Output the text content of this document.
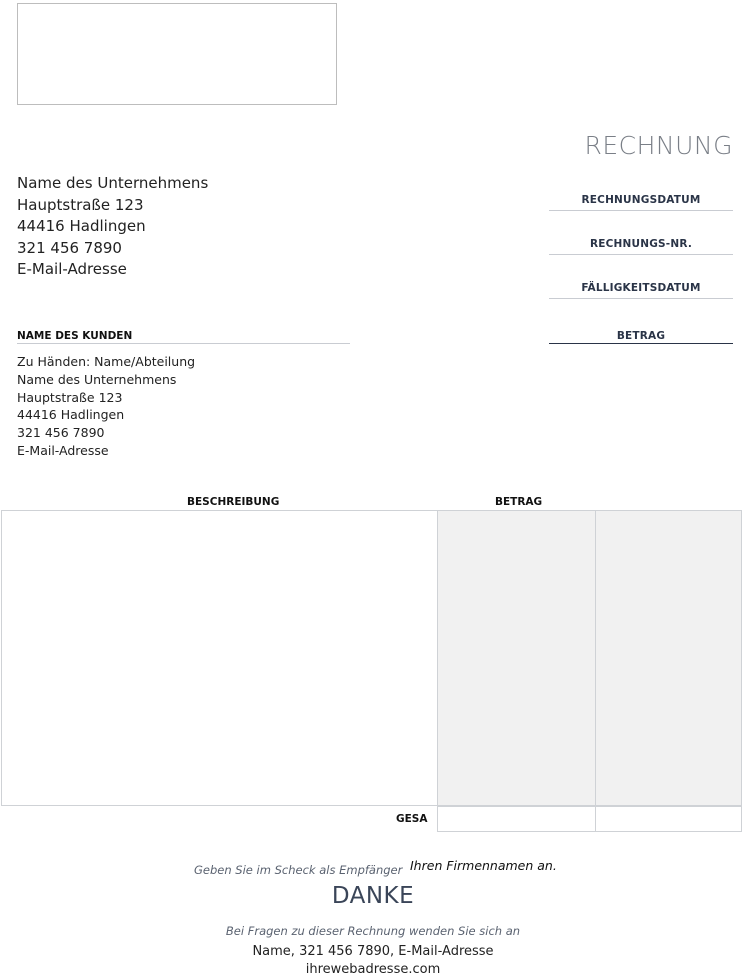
RECHNUNG
Name des Unternehmens
Hauptstraße 123
44416 Hadlingen
321 456 7890
E-Mail-Adresse
RECHNUNGSDATUM
RECHNUNGS-NR.
FÄLLIGKEITSDATUM
BETRAG
NAME DES KUNDEN
Zu Händen: Name/Abteilung
Name des Unternehmens
Hauptstraße 123
44416 Hadlingen
321 456 7890
E-Mail-Adresse
BESCHREIBUNG	BETRAG
GESA
Geben Sie im Scheck als Empfänger Ihren Firmennamen an.
DANKE
Bei Fragen zu dieser Rechnung wenden Sie sich an
Name, 321 456 7890, E-Mail-Adresse
ihrewebadresse.com
